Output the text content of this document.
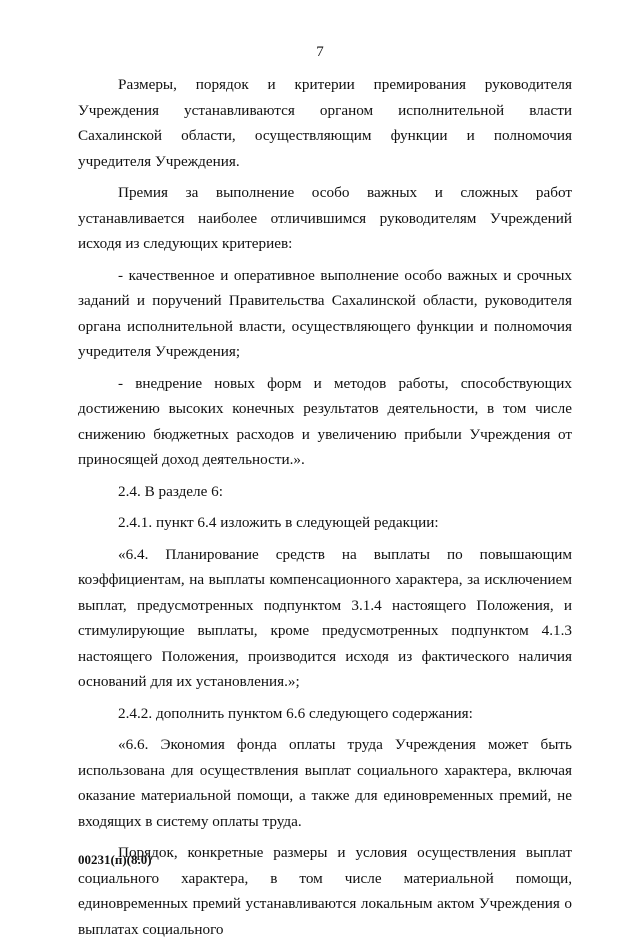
7

Размеры, порядок и критерии премирования руководителя Учреждения устанавливаются органом исполнительной власти Сахалинской области, осуществляющим функции и полномочия учредителя Учреждения.

Премия за выполнение особо важных и сложных работ устанавливается наиболее отличившимся руководителям Учреждений исходя из следующих критериев:

- качественное и оперативное выполнение особо важных и срочных заданий и поручений Правительства Сахалинской области, руководителя органа исполнительной власти, осуществляющего функции и полномочия учредителя Учреждения;

- внедрение новых форм и методов работы, способствующих достижению высоких конечных результатов деятельности, в том числе снижению бюджетных расходов и увеличению прибыли Учреждения от приносящей доход деятельности.».

2.4. В разделе 6:

2.4.1. пункт 6.4 изложить в следующей редакции:

«6.4. Планирование средств на выплаты по повышающим коэффициентам, на выплаты компенсационного характера, за исключением выплат, предусмотренных подпунктом 3.1.4 настоящего Положения, и стимулирующие выплаты, кроме предусмотренных подпунктом 4.1.3 настоящего Положения, производится исходя из фактического наличия оснований для их установления.»;

2.4.2. дополнить пунктом 6.6 следующего содержания:

«6.6. Экономия фонда оплаты труда Учреждения может быть использована для осуществления выплат социального характера, включая оказание материальной помощи, а также для единовременных премий, не входящих в систему оплаты труда.

Порядок, конкретные размеры и условия осуществления выплат социального характера, в том числе материальной помощи, единовременных премий устанавливаются локальным актом Учреждения о выплатах социального

00231(п)(8.0)
